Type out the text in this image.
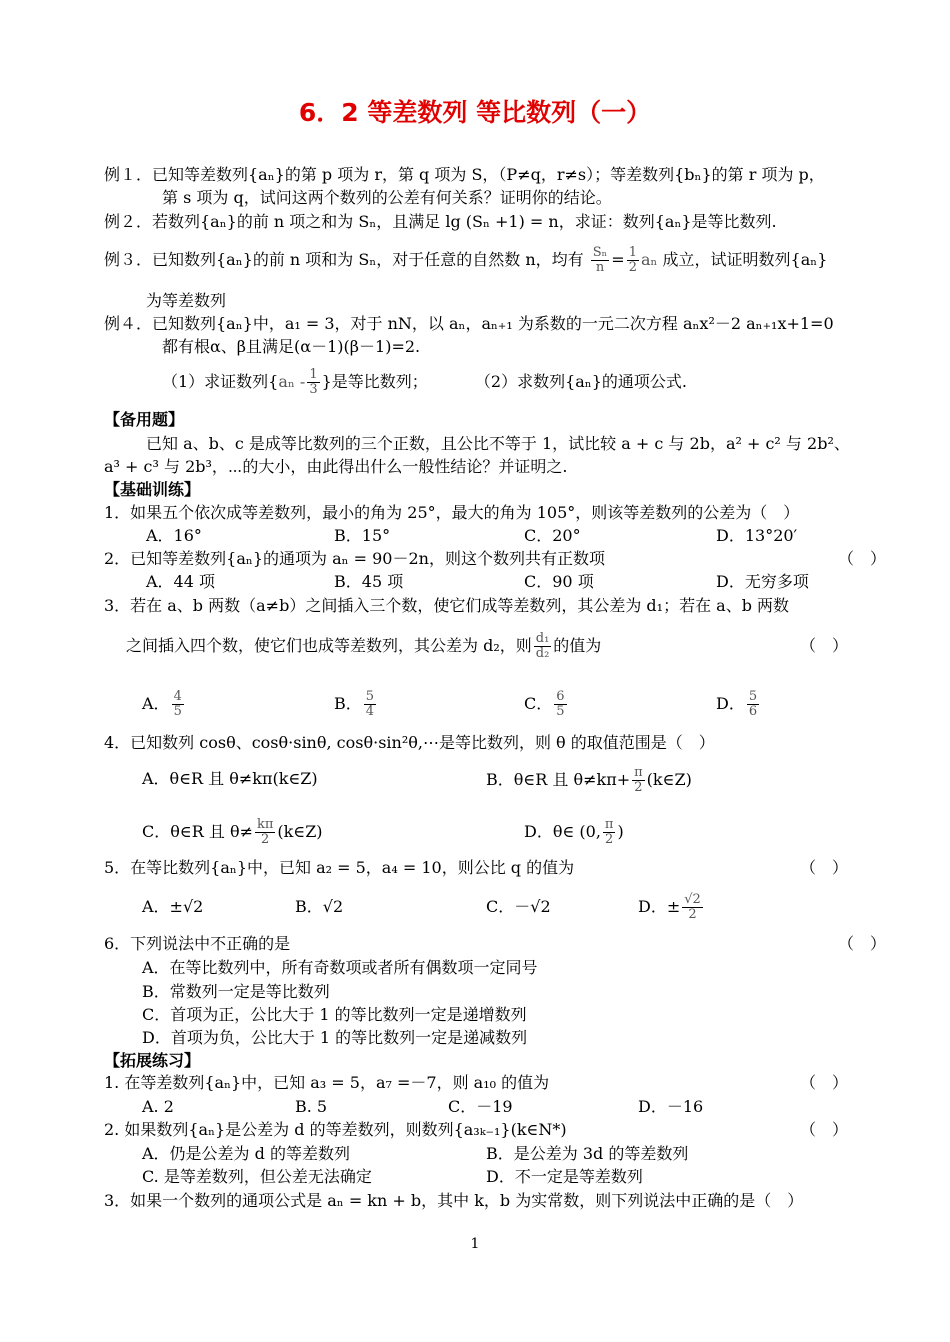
6．2 等差数列 等比数列（一）
例１．已知等差数列{aₙ}的第 p 项为 r，第 q 项为 S，（P≠q，r≠s）；等差数列{bₙ}的第 r 项为 p，
第 s 项为 q，试问这两个数列的公差有何关系？证明你的结论。
例２．若数列{aₙ}的前 n 项之和为 Sₙ，且满足 lg (Sₙ +1) = n，求证：数列{aₙ}是等比数列.
例３．已知数列{aₙ}的前 n 项和为 Sₙ，对于任意的自然数 n，均有 $\frac{\text{Sₙ}}{n} = \frac{1}{2}$ aₙ 成立，试证明数列{aₙ}
为等差数列
例４．已知数列{aₙ}中，a₁ = 3，对于 nN，以 aₙ，aₙ₊₁ 为系数的一元二次方程 aₙx²－2 aₙ₊₁x+1=0
都有根α、β且满足(α－1)(β－1)=2.
（1）求证数列{$a_n - \frac{1}{3}$ }是等比数列；	（2）求数列{aₙ}的通项公式.
【备用题】
已知 a、b、c 是成等比数列的三个正数，且公比不等于 1，试比较 a + c 与 2b，a² + c² 与 2b²、
a³ + c³ 与 2b³，⋯的大小，由此得出什么一般性结论？并证明之.
【基础训练】
1．如果五个依次成等差数列，最小的角为 25°，最大的角为 105°，则该等差数列的公差为（　）
A．16°	B．15°	C．20°	D．13°20′
2．已知等差数列{aₙ}的通项为 aₙ = 90－2n，则这个数列共有正数项	（　）
A．44 项	B．45 项	C．90 项	D．无穷多项
3．若在 a、b 两数（a≠b）之间插入三个数，使它们成等差数列，其公差为 d₁；若在 a、b 两数
之间插入四个数，使它们也成等差数列，其公差为 d₂，则 $\frac{\text{d₁}}{\text{d₂}}$ 的值为	（　）
A． $\frac{4}{5}$	B． $\frac{5}{4}$	C． $\frac{6}{5}$	D． $\frac{5}{6}$
4．已知数列 cosθ、cosθ·sinθ, cosθ·sin²θ,⋯是等比数列，则 θ 的取值范围是（　）
A．θ∈R 且 θ≠kπ(k∈Z)	B．θ∈R 且 $\theta\ne k\pi+ \frac{\pi}{2}$ (k∈Z)
C．θ∈R 且 $\theta\ne \frac{k\pi}{2}$ (k∈Z)	D．θ∈ (0, $\frac{\pi}{2}$ )
5．在等比数列{aₙ}中，已知 a₂ = 5，a₄ = 10，则公比 q 的值为	（　）
A．±√2	B．√2	C．－√2	D．± $\frac{√2}{2}$
6．下列说法中不正确的是	（　）
A．在等比数列中，所有奇数项或者所有偶数项一定同号
B．常数列一定是等比数列
C．首项为正，公比大于 1 的等比数列一定是递增数列
D．首项为负，公比大于 1 的等比数列一定是递减数列
【拓展练习】
1. 在等差数列{aₙ}中，已知 a₃ = 5，a₇ =－7，则 a₁₀ 的值为	（　）
A. 2	B. 5	C．－19	D．－16
2. 如果数列{aₙ}是公差为 d 的等差数列，则数列{a₃ₖ₋₁}(k∈N*)	（　）
A．仍是公差为 d 的等差数列	B．是公差为 3d 的等差数列
C. 是等差数列，但公差无法确定	D．不一定是等差数列
3．如果一个数列的通项公式是 aₙ = kn + b，其中 k，b 为实常数，则下列说法中正确的是（　）
1
